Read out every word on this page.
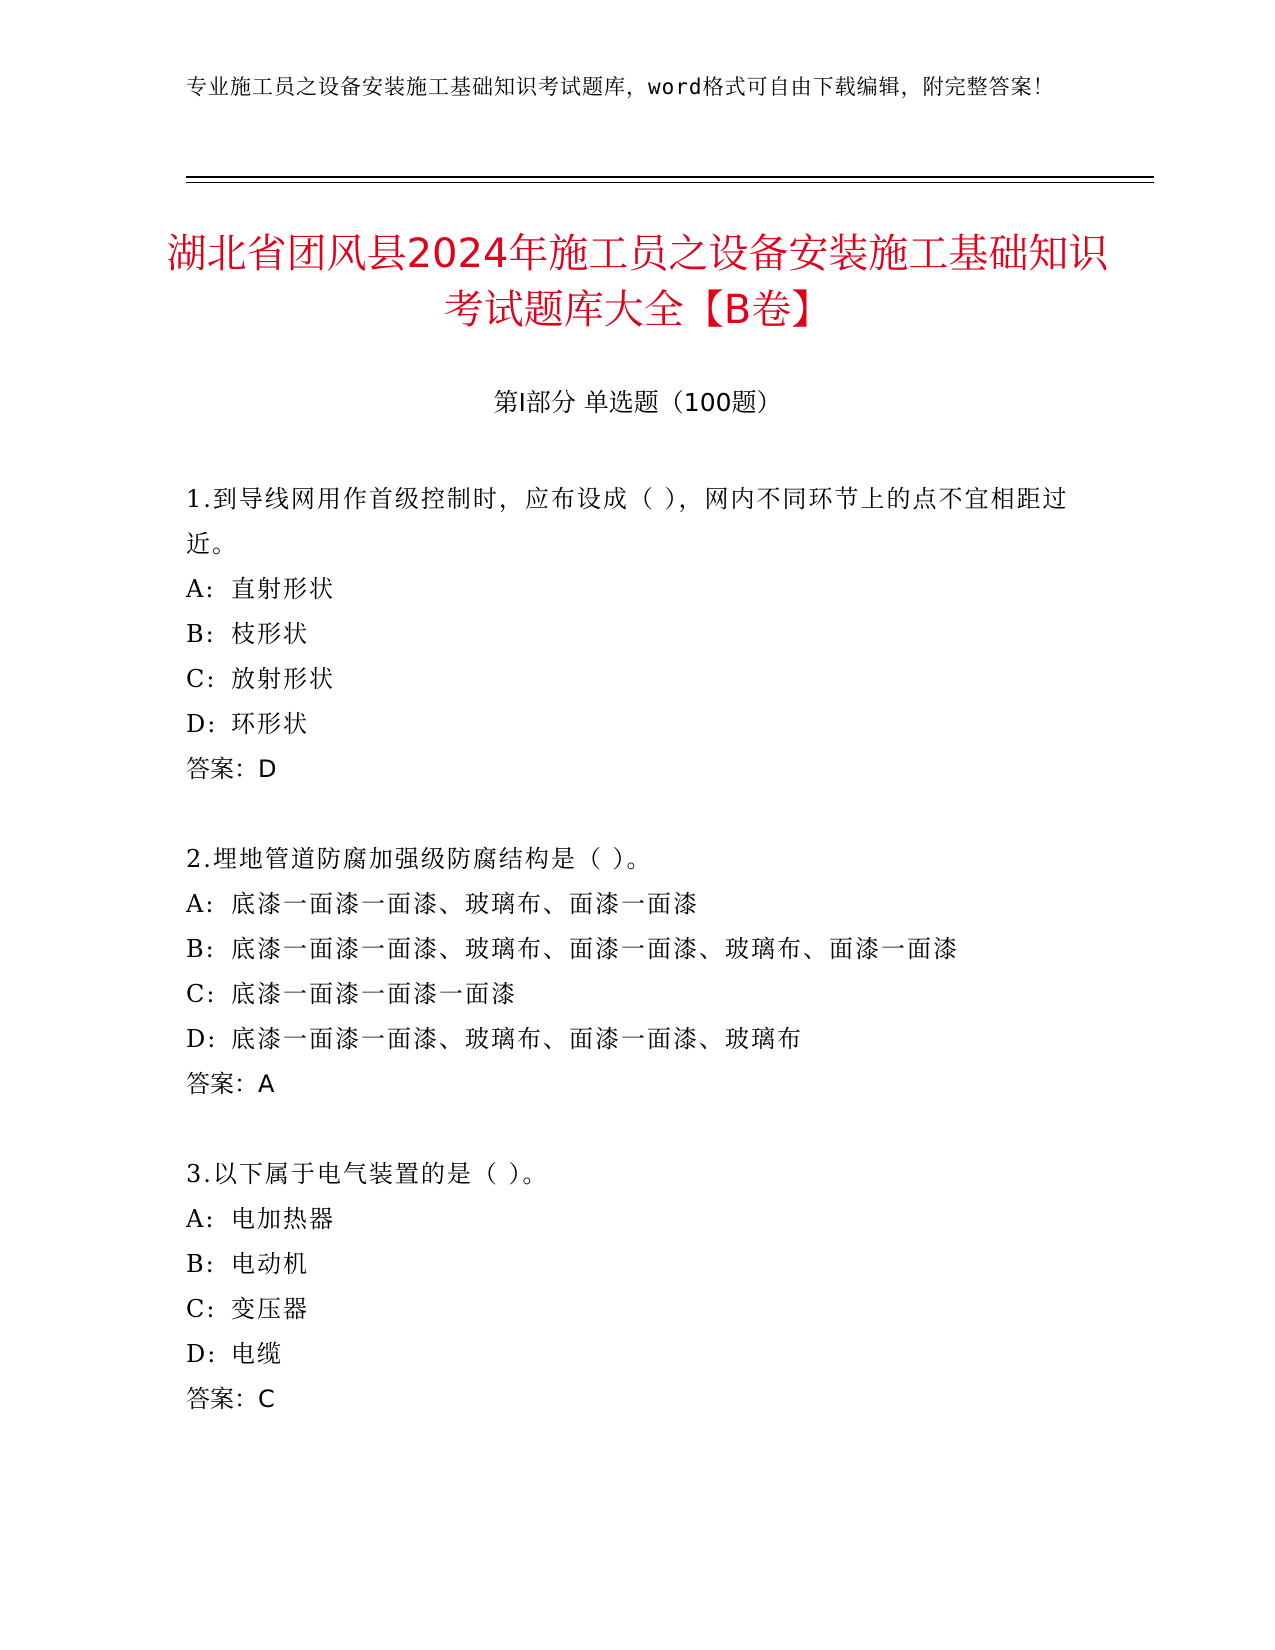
专业施工员之设备安装施工基础知识考试题库，word格式可自由下载编辑，附完整答案！
湖北省团风县2024年施工员之设备安装施工基础知识考试题库大全【B卷】
第Ⅰ部分 单选题（100题）

1.到导线网用作首级控制时，应布设成（ ），网内不同环节上的点不宜相距过近。

A: 直射形状

B: 枝形状

C: 放射形状

D: 环形状

答案：D

2.埋地管道防腐加强级防腐结构是（ ）。

A: 底漆一面漆一面漆、玻璃布、面漆一面漆

B: 底漆一面漆一面漆、玻璃布、面漆一面漆、玻璃布、面漆一面漆

C: 底漆一面漆一面漆一面漆

D: 底漆一面漆一面漆、玻璃布、面漆一面漆、玻璃布

答案：A

3.以下属于电气装置的是（ ）。

A: 电加热器

B: 电动机

C: 变压器

D: 电缆

答案：C
